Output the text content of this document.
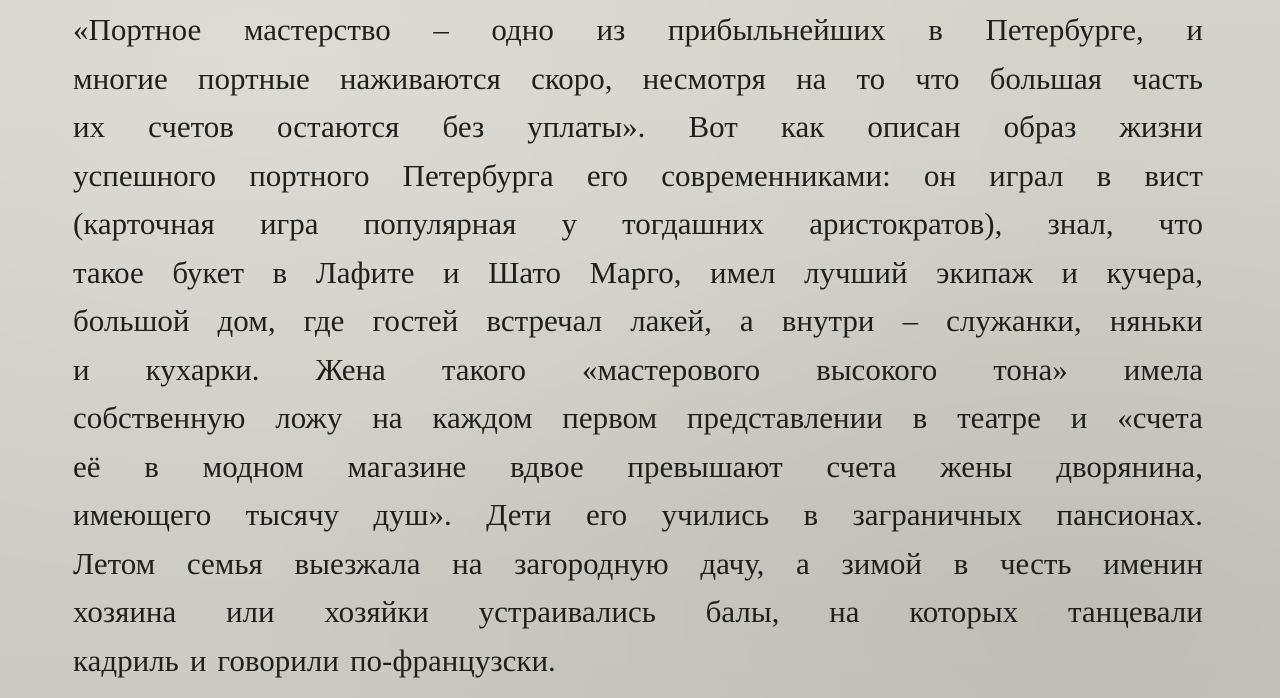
«Портное мастерство – одно из прибыльнейших в Петербурге, и
многие портные наживаются скоро, несмотря на то что большая часть
их счетов остаются без уплаты». Вот как описан образ жизни
успешного портного Петербурга его современниками: он играл в вист
(карточная игра популярная у тогдашних аристократов), знал, что
такое букет в Лафите и Шато Марго, имел лучший экипаж и кучера,
большой дом, где гостей встречал лакей, а внутри – служанки, няньки
и кухарки. Жена такого «мастерового высокого тона» имела
собственную ложу на каждом первом представлении в театре и «счета
её в модном магазине вдвое превышают счета жены дворянина,
имеющего тысячу душ». Дети его учились в заграничных пансионах.
Летом семья выезжала на загородную дачу, а зимой в честь именин
хозяина или хозяйки устраивались балы, на которых танцевали
кадриль и говорили по-французски.
